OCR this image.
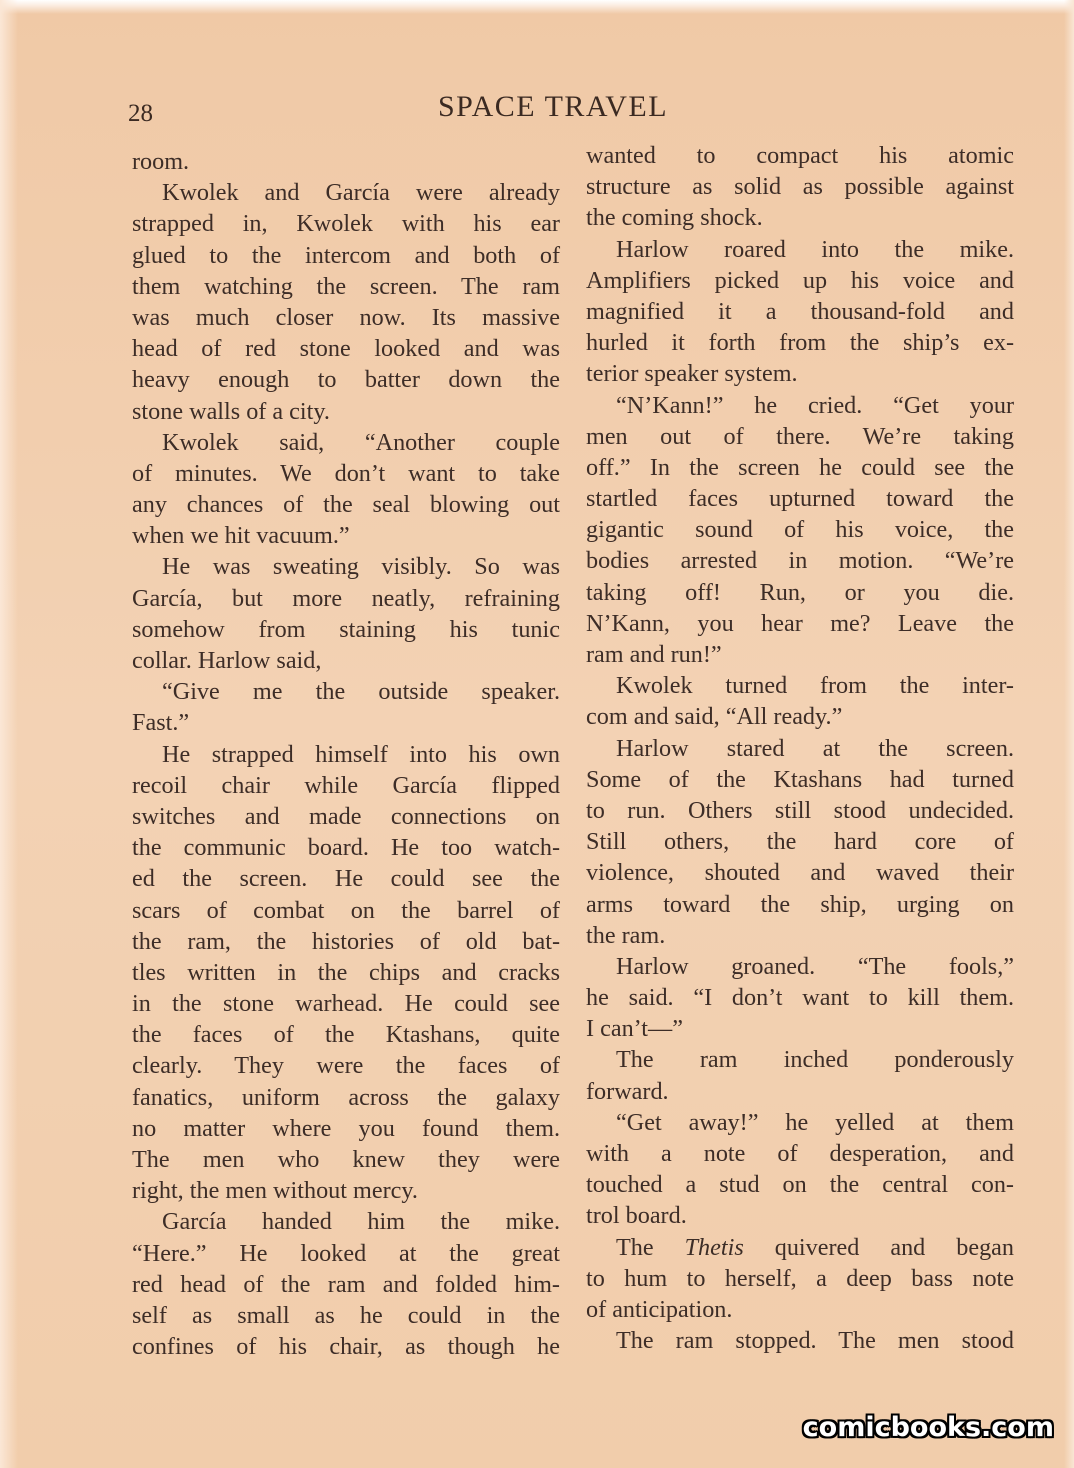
28	SPACE TRAVEL
room.
Kwolek and García were already
strapped in, Kwolek with his ear
glued to the intercom and both of
them watching the screen. The ram
was much closer now. Its massive
head of red stone looked and was
heavy enough to batter down the
stone walls of a city.
Kwolek said, “Another couple
of minutes. We don’t want to take
any chances of the seal blowing out
when we hit vacuum.”
He was sweating visibly. So was
García, but more neatly, refraining
somehow from staining his tunic
collar. Harlow said,
“Give me the outside speaker.
Fast.”
He strapped himself into his own
recoil chair while García flipped
switches and made connections on
the communic board. He too watch-
ed the screen. He could see the
scars of combat on the barrel of
the ram, the histories of old bat-
tles written in the chips and cracks
in the stone warhead. He could see
the faces of the Ktashans, quite
clearly. They were the faces of
fanatics, uniform across the galaxy
no matter where you found them.
The men who knew they were
right, the men without mercy.
García handed him the mike.
“Here.” He looked at the great
red head of the ram and folded him-
self as small as he could in the
confines of his chair, as though he
wanted to compact his atomic
structure as solid as possible against
the coming shock.
Harlow roared into the mike.
Amplifiers picked up his voice and
magnified it a thousand-fold and
hurled it forth from the ship’s ex-
terior speaker system.
“N’Kann!” he cried. “Get your
men out of there. We’re taking
off.” In the screen he could see the
startled faces upturned toward the
gigantic sound of his voice, the
bodies arrested in motion. “We’re
taking off! Run, or you die.
N’Kann, you hear me? Leave the
ram and run!”
Kwolek turned from the inter-
com and said, “All ready.”
Harlow stared at the screen.
Some of the Ktashans had turned
to run. Others still stood undecided.
Still others, the hard core of
violence, shouted and waved their
arms toward the ship, urging on
the ram.
Harlow groaned. “The fools,”
he said. “I don’t want to kill them.
I can’t—”
The ram inched ponderously
forward.
“Get away!” he yelled at them
with a note of desperation, and
touched a stud on the central con-
trol board.
The Thetis quivered and began
to hum to herself, a deep bass note
of anticipation.
The ram stopped. The men stood
comicbooks.com
